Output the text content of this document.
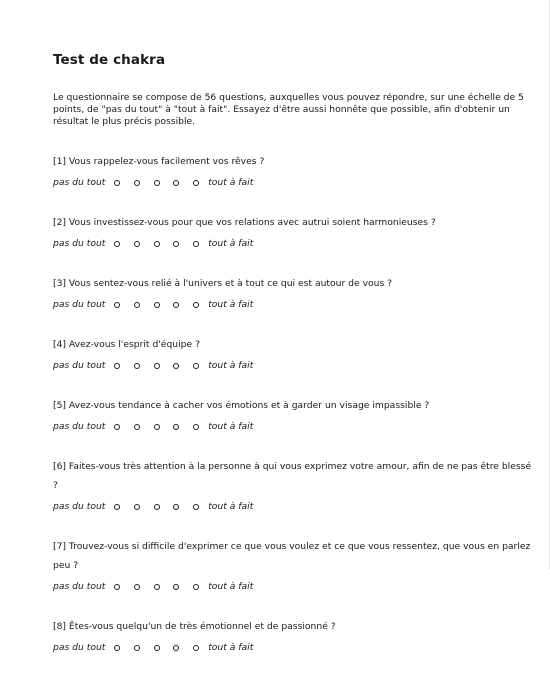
Test de chakra

Le questionnaire se compose de 56 questions, auxquelles vous pouvez répondre, sur une échelle de 5 points, de "pas du tout" à "tout à fait". Essayez d'être aussi honnête que possible, afin d'obtenir un résultat le plus précis possible.

[1] Vous rappelez-vous facilement vos rêves ?

pas du tout	tout à fait

[2] Vous investissez-vous pour que vos relations avec autrui soient harmonieuses ?

pas du tout	tout à fait

[3] Vous sentez-vous relié à l'univers et à tout ce qui est autour de vous ?

pas du tout	tout à fait

[4] Avez-vous l'esprit d'équipe ?

pas du tout	tout à fait

[5] Avez-vous tendance à cacher vos émotions et à garder un visage impassible ?

pas du tout	tout à fait

[6] Faites-vous très attention à la personne à qui vous exprimez votre amour, afin de ne pas être blessé ?

pas du tout	tout à fait

[7] Trouvez-vous si difficile d'exprimer ce que vous voulez et ce que vous ressentez, que vous en parlez peu ?

pas du tout	tout à fait

[8] Êtes-vous quelqu'un de très émotionnel et de passionné ?

pas du tout	tout à fait
